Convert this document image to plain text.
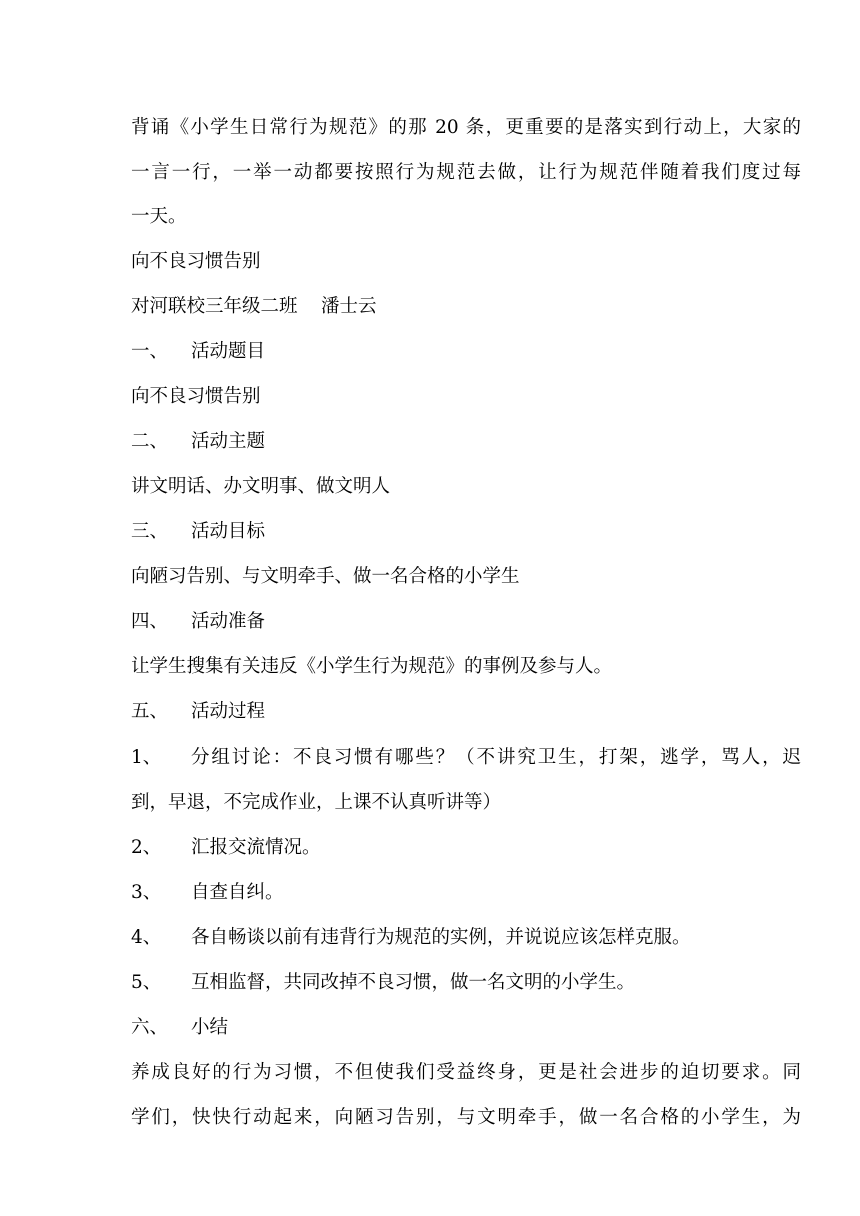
背诵《小学生日常行为规范》的那 20 条，更重要的是落实到行动上，大家的
一言一行，一举一动都要按照行为规范去做，让行为规范伴随着我们度过每
一天。
向不良习惯告别
对河联校三年级二班    潘士云
一、 活动题目
向不良习惯告别
二、 活动主题
讲文明话、办文明事、做文明人
三、 活动目标
向陋习告别、与文明牵手、做一名合格的小学生
四、 活动准备
让学生搜集有关违反《小学生行为规范》的事例及参与人。
五、 活动过程
1、	分组讨论：不良习惯有哪些？（不讲究卫生，打架，逃学，骂人，迟
到，早退，不完成作业，上课不认真听讲等）
2、 汇报交流情况。
3、 自查自纠。
4、 各自畅谈以前有违背行为规范的实例，并说说应该怎样克服。
5、 互相监督，共同改掉不良习惯，做一名文明的小学生。
六、 小结
养成良好的行为习惯，不但使我们受益终身，更是社会进步的迫切要求。同
学们，快快行动起来，向陋习告别，与文明牵手，做一名合格的小学生，为
